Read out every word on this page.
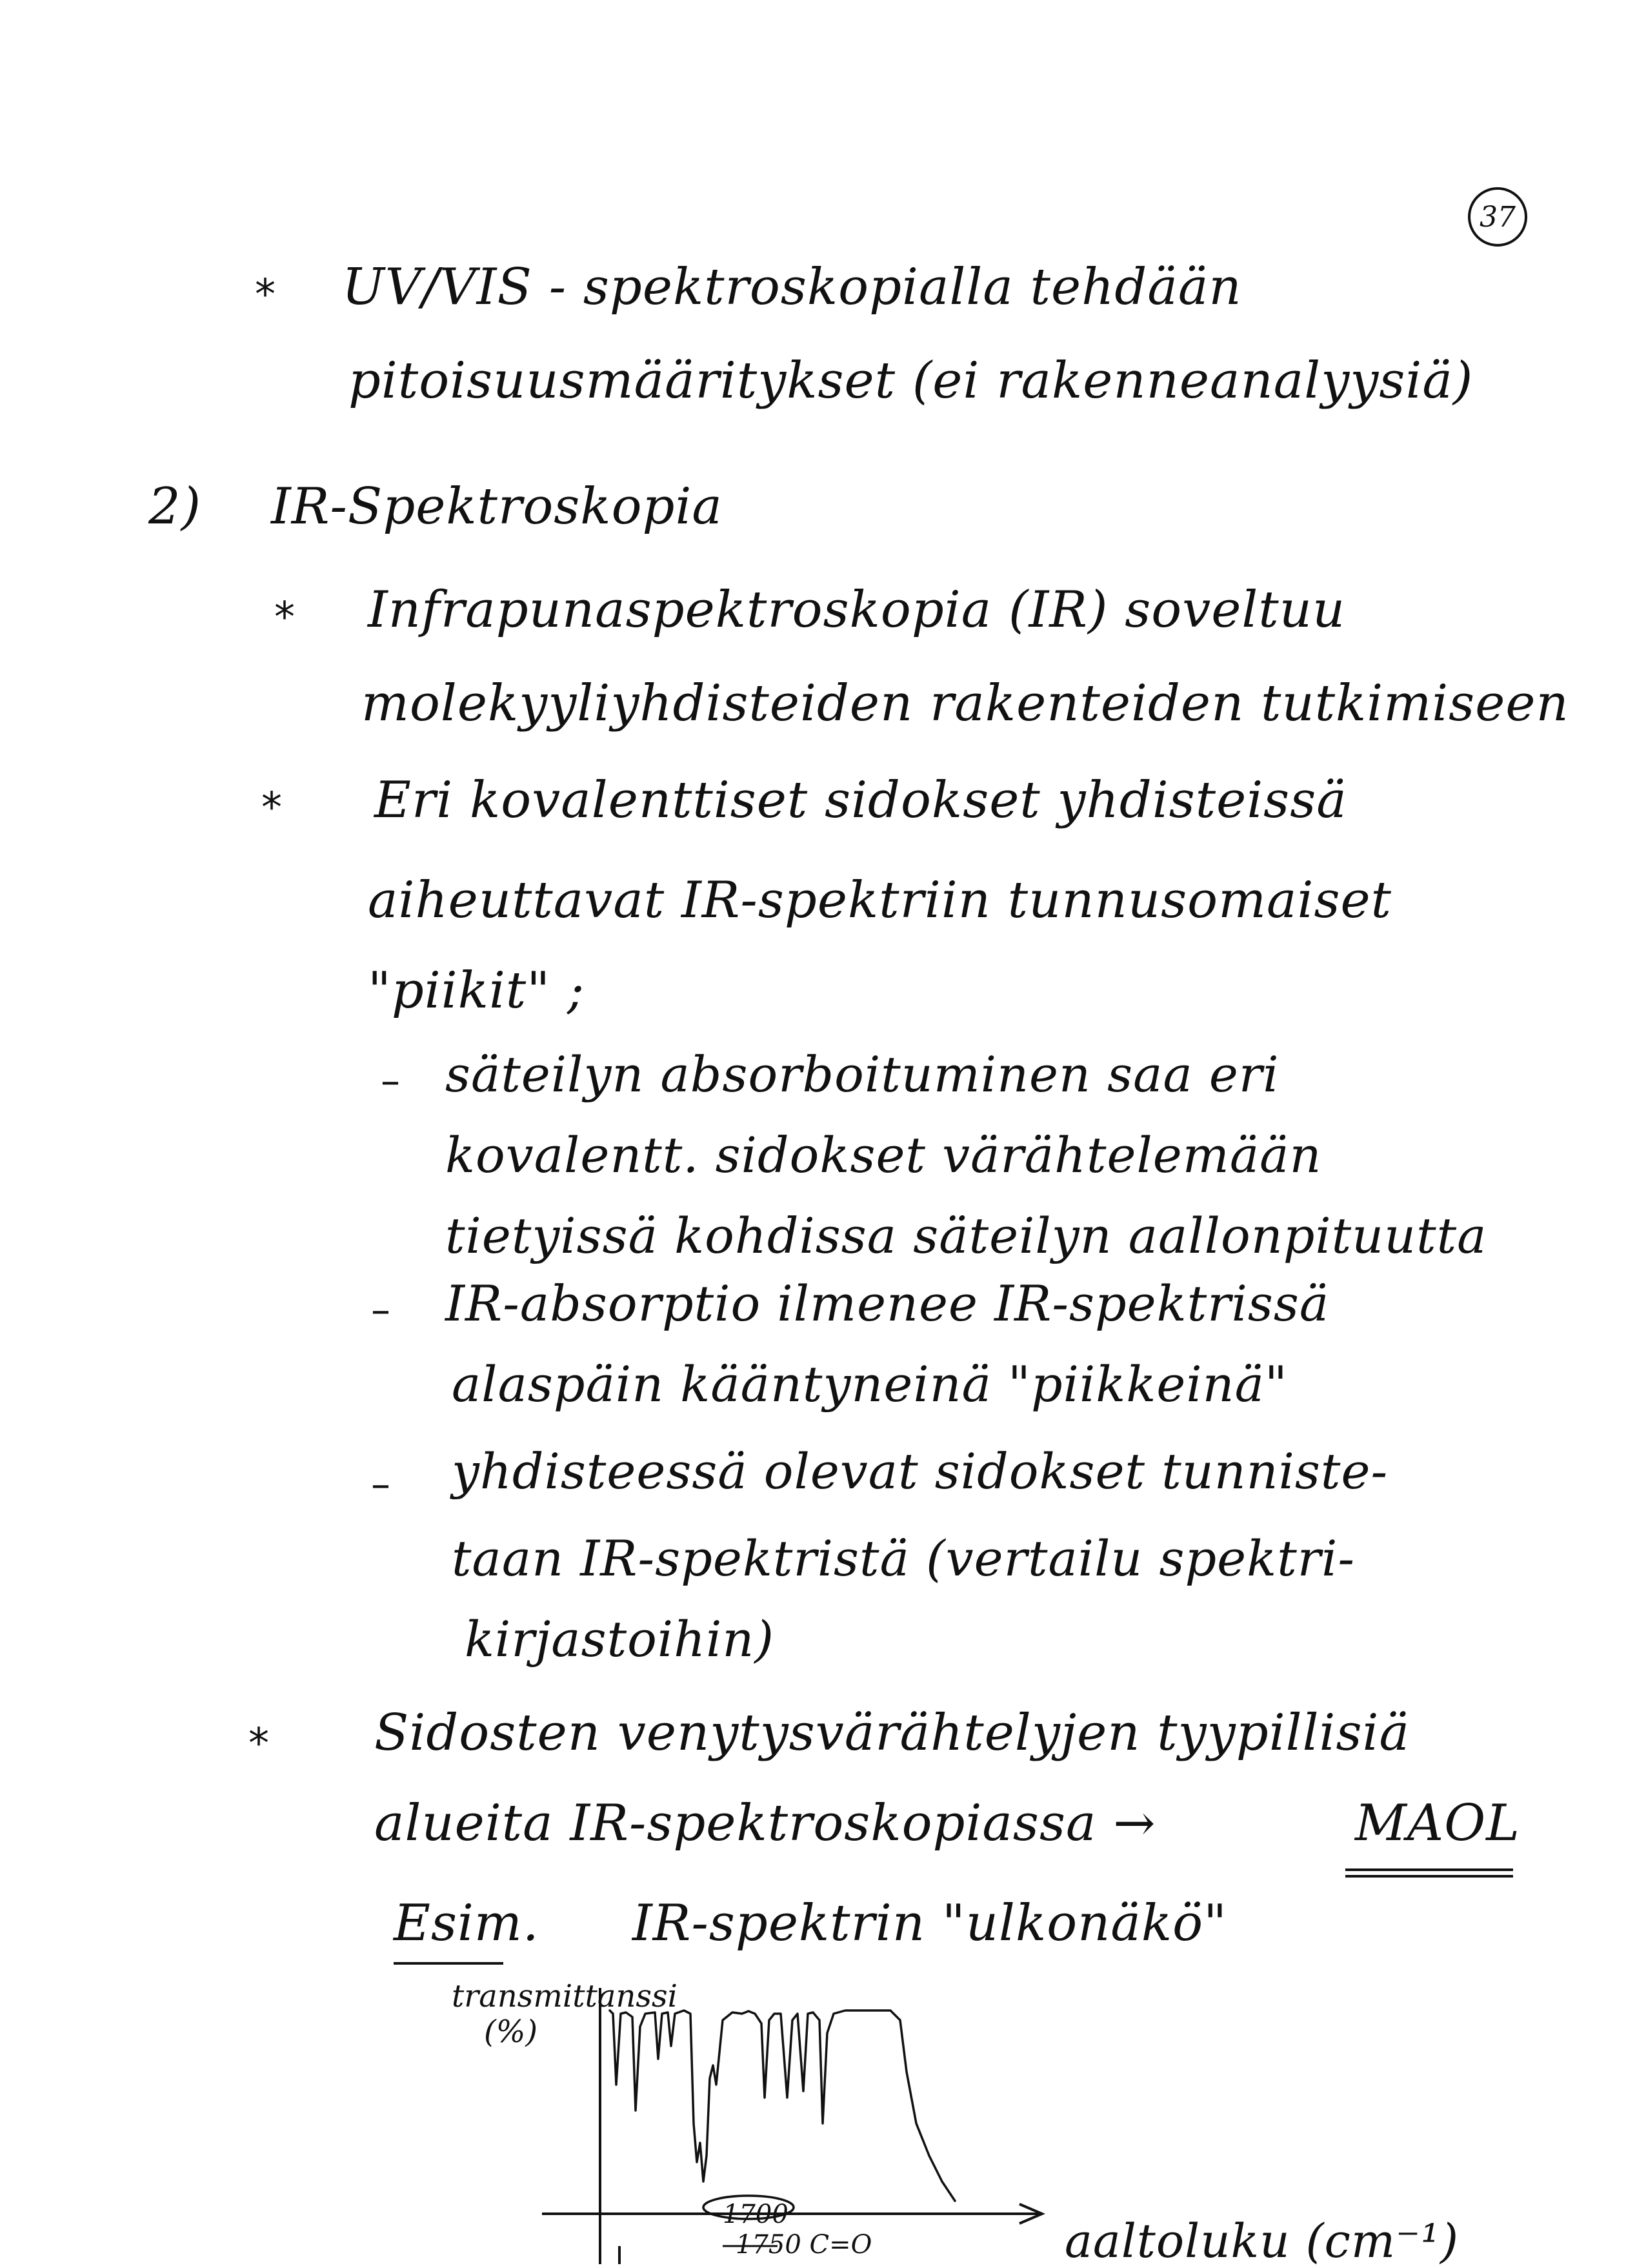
37
* UV/VIS - spektroskopialla tehdään
pitoisuusmääritykset (ei rakenneanalyysiä)
2) IR-Spektroskopia
* Infrapunaspektroskopia (IR) soveltuu
molekyyliyhdisteiden rakenteiden tutkimiseen
* Eri kovalenttiset sidokset yhdisteissä
aiheuttavat IR-spektriin tunnusomaiset
"piikit" ;
– säteilyn absorboituminen saa eri
kovalentt. sidokset värähtelemään
tietyissä kohdissa säteilyn aallonpituutta
– IR-absorptio ilmenee IR-spektrissä
alaspäin kääntyneinä "piikkeinä"
– yhdisteessä olevat sidokset tunniste-
taan IR-spektristä (vertailu spektri-
kirjastoihin)
* Sidosten venytysvärähtelyjen tyypillisiä
alueita IR-spektroskopiassa →	MAOL
Esim. IR-spektrin "ulkonäkö"
transmittanssi
(%)
aaltoluku (cm⁻¹)
1700
1750 C=O
